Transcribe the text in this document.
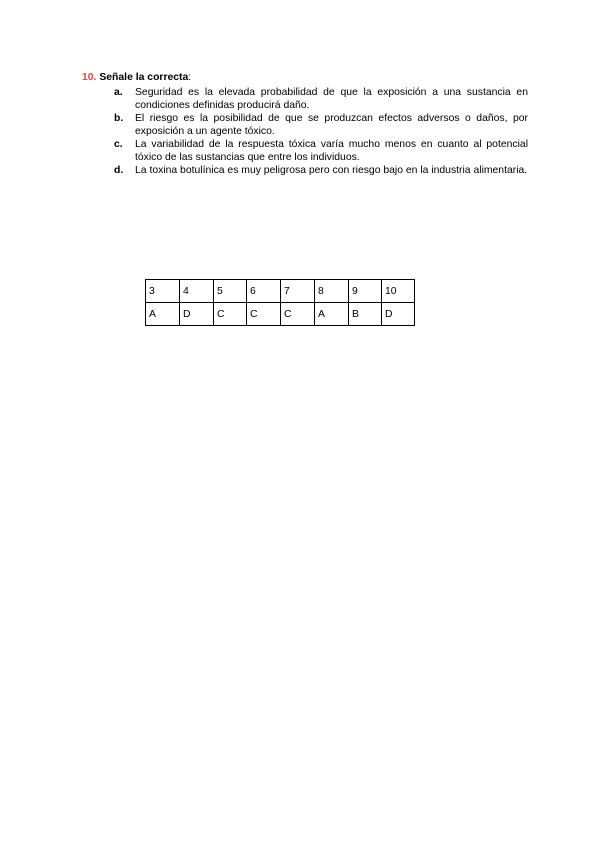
10. Señale la correcta:

a. Seguridad es la elevada probabilidad de que la exposición a una sustancia en condiciones definidas producirá daño.
b. El riesgo es la posibilidad de que se produzcan efectos adversos o daños, por exposición a un agente tóxico.
c. La variabilidad de la respuesta tóxica varía mucho menos en cuanto al potencial tóxico de las sustancias que entre los individuos.
d. La toxina botulínica es muy peligrosa pero con riesgo bajo en la industria alimentaria.
3	4	5	6	7	8	9	10
A	D	C	C	C	A	B	D
